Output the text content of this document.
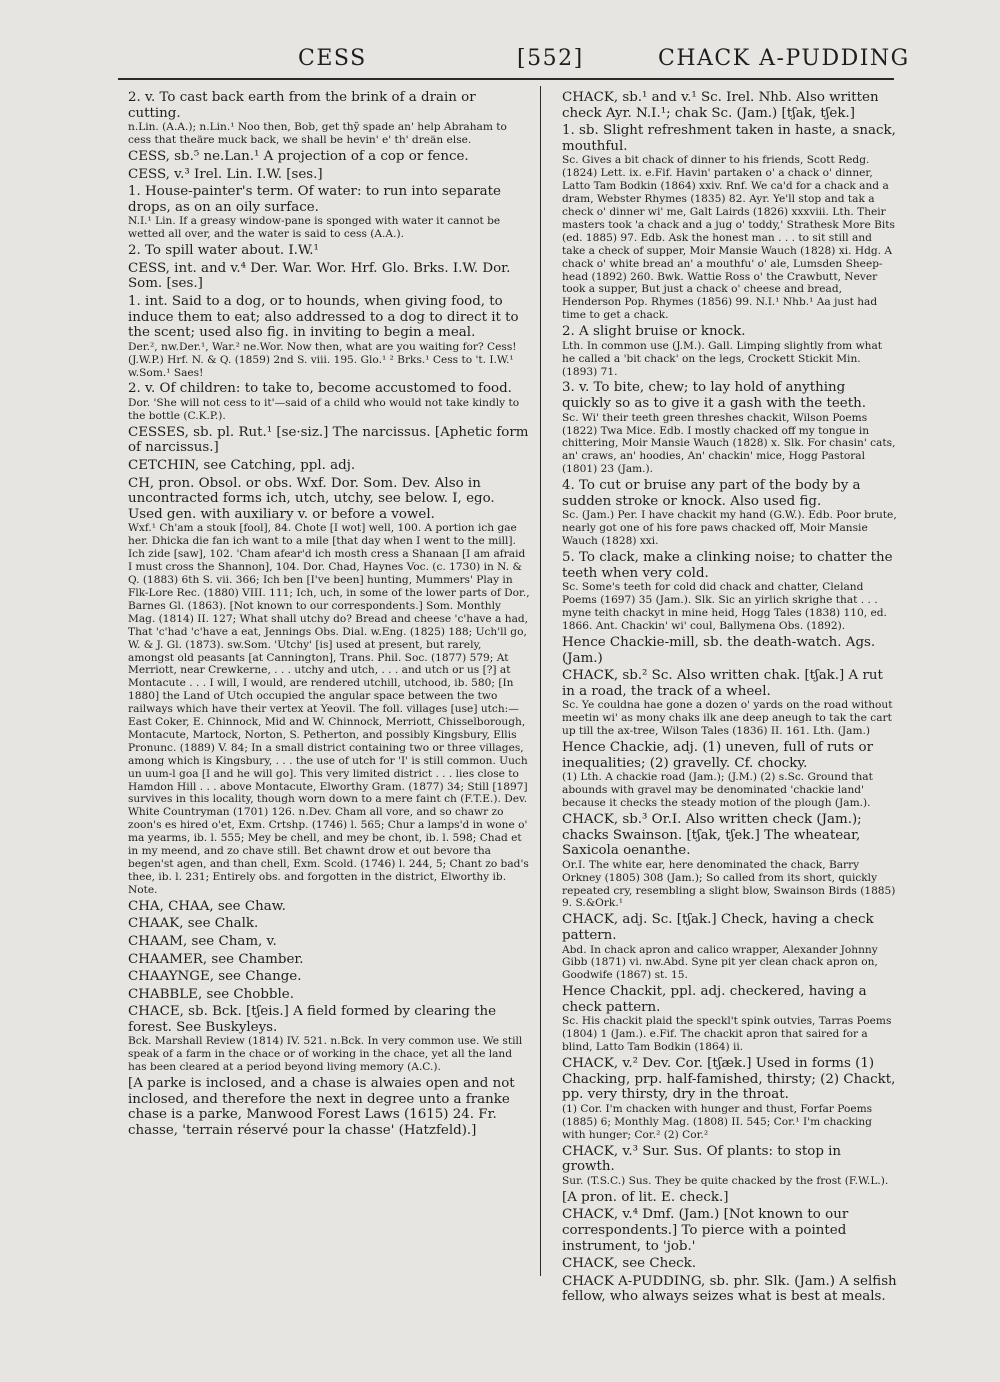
CESS	[552]	CHACK A-PUDDING

2. v. To cast back earth from the brink of a drain or cutting.

n.Lin. (A.A.); n.Lin.¹ Noo then, Bob, get thy̆ spade an' help Abraham to cess that theäre muck back, we shall be hevin' e' th' dreän else.

CESS, sb.⁵ ne.Lan.¹ A projection of a cop or fence.

CESS, v.³ Irel. Lin. I.W. [ses.]

1. House-painter's term. Of water: to run into separate drops, as on an oily surface.

N.I.¹ Lin. If a greasy window-pane is sponged with water it cannot be wetted all over, and the water is said to cess (A.A.).

2. To spill water about. I.W.¹

CESS, int. and v.⁴ Der. War. Wor. Hrf. Glo. Brks. I.W. Dor. Som. [ses.]

1. int. Said to a dog, or to hounds, when giving food, to induce them to eat; also addressed to a dog to direct it to the scent; used also fig. in inviting to begin a meal.

Der.², nw.Der.¹, War.² ne.Wor. Now then, what are you waiting for? Cess! (J.W.P.) Hrf. N. & Q. (1859) 2nd S. viii. 195. Glo.¹ ² Brks.¹ Cess to 't. I.W.¹ w.Som.¹ Saes!

2. v. Of children: to take to, become accustomed to food.

Dor. 'She will not cess to it'—said of a child who would not take kindly to the bottle (C.K.P.).

CESSES, sb. pl. Rut.¹ [se·siz.] The narcissus. [Aphetic form of narcissus.]

CETCHIN, see Catching, ppl. adj.

CH, pron. Obsol. or obs. Wxf. Dor. Som. Dev. Also in uncontracted forms ich, utch, utchy, see below. I, ego. Used gen. with auxiliary v. or before a vowel.

Wxf.¹ Ch'am a stouk [fool], 84. Chote [I wot] well, 100. A portion ich gae her. Dhicka die fan ich want to a mile [that day when I went to the mill]. Ich zide [saw], 102. 'Cham afear'd ich mosth cress a Shanaan [I am afraid I must cross the Shannon], 104. Dor. Chad, Haynes Voc. (c. 1730) in N. & Q. (1883) 6th S. vii. 366; Ich ben [I've been] hunting, Mummers' Play in Flk-Lore Rec. (1880) VIII. 111; Ich, uch, in some of the lower parts of Dor., Barnes Gl. (1863). [Not known to our correspondents.] Som. Monthly Mag. (1814) II. 127; What shall utchy do? Bread and cheese 'c'have a had, That 'c'had 'c'have a eat, Jennings Obs. Dial. w.Eng. (1825) 188; Uch'll go, W. & J. Gl. (1873). sw.Som. 'Utchy' [is] used at present, but rarely, amongst old peasants [at Cannington], Trans. Phil. Soc. (1877) 579; At Merriott, near Crewkerne, . . . utchy and utch, . . . and utch or us [?] at Montacute . . . I will, I would, are rendered utchill, utchood, ib. 580; [In 1880] the Land of Utch occupied the angular space between the two railways which have their vertex at Yeovil. The foll. villages [use] utch:— East Coker, E. Chinnock, Mid and W. Chinnock, Merriott, Chisselborough, Montacute, Martock, Norton, S. Petherton, and possibly Kingsbury, Ellis Pronunc. (1889) V. 84; In a small district containing two or three villages, among which is Kingsbury, . . . the use of utch for 'I' is still common. Uuch un uum-l goa [I and he will go]. This very limited district . . . lies close to Hamdon Hill . . . above Montacute, Elworthy Gram. (1877) 34; Still [1897] survives in this locality, though worn down to a mere faint ch (F.T.E.). Dev. White Countryman (1701) 126. n.Dev. Cham all vore, and so chawr zo zoon's es hired o'et, Exm. Crtshp. (1746) l. 565; Chur a lamps'd in wone o' ma yearms, ib. l. 555; Mey be chell, and mey be chont, ib. l. 598; Chad et in my meend, and zo chave still. Bet chawnt drow et out bevore tha begen'st agen, and than chell, Exm. Scold. (1746) l. 244, 5; Chant zo bad's thee, ib. l. 231; Entirely obs. and forgotten in the district, Elworthy ib. Note.

CHA, CHAA, see Chaw.

CHAAK, see Chalk.

CHAAM, see Cham, v.

CHAAMER, see Chamber.

CHAAYNGE, see Change.

CHABBLE, see Chobble.

CHACE, sb. Bck. [tʃeis.] A field formed by clearing the forest. See Buskyleys.

Bck. Marshall Review (1814) IV. 521. n.Bck. In very common use. We still speak of a farm in the chace or of working in the chace, yet all the land has been cleared at a period beyond living memory (A.C.).

[A parke is inclosed, and a chase is alwaies open and not inclosed, and therefore the next in degree unto a franke chase is a parke, Manwood Forest Laws (1615) 24. Fr. chasse, 'terrain réservé pour la chasse' (Hatzfeld).]

CHACK, sb.¹ and v.¹ Sc. Irel. Nhb. Also written check Ayr. N.I.¹; chak Sc. (Jam.) [tʃak, tʃek.]

1. sb. Slight refreshment taken in haste, a snack, mouthful.

Sc. Gives a bit chack of dinner to his friends, Scott Redg. (1824) Lett. ix. e.Fif. Havin' partaken o' a chack o' dinner, Latto Tam Bodkin (1864) xxiv. Rnf. We ca'd for a chack and a dram, Webster Rhymes (1835) 82. Ayr. Ye'll stop and tak a check o' dinner wi' me, Galt Lairds (1826) xxxviii. Lth. Their masters took 'a chack and a jug o' toddy,' Strathesk More Bits (ed. 1885) 97. Edb. Ask the honest man . . . to sit still and take a check of supper, Moir Mansie Wauch (1828) xi. Hdg. A chack o' white bread an' a mouthfu' o' ale, Lumsden Sheep-head (1892) 260. Bwk. Wattie Ross o' the Crawbutt, Never took a supper, But just a chack o' cheese and bread, Henderson Pop. Rhymes (1856) 99. N.I.¹ Nhb.¹ Aa just had time to get a chack.

2. A slight bruise or knock.

Lth. In common use (J.M.). Gall. Limping slightly from what he called a 'bit chack' on the legs, Crockett Stickit Min. (1893) 71.

3. v. To bite, chew; to lay hold of anything quickly so as to give it a gash with the teeth.

Sc. Wi' their teeth green threshes chackit, Wilson Poems (1822) Twa Mice. Edb. I mostly chacked off my tongue in chittering, Moir Mansie Wauch (1828) x. Slk. For chasin' cats, an' craws, an' hoodies, An' chackin' mice, Hogg Pastoral (1801) 23 (Jam.).

4. To cut or bruise any part of the body by a sudden stroke or knock. Also used fig.

Sc. (Jam.) Per. I have chackit my hand (G.W.). Edb. Poor brute, nearly got one of his fore paws chacked off, Moir Mansie Wauch (1828) xxi.

5. To clack, make a clinking noise; to chatter the teeth when very cold.

Sc. Some's teeth for cold did chack and chatter, Cleland Poems (1697) 35 (Jam.). Slk. Sic an yirlich skrighe that . . . myne teith chackyt in mine heid, Hogg Tales (1838) 110, ed. 1866. Ant. Chackin' wi' coul, Ballymena Obs. (1892).

Hence Chackie-mill, sb. the death-watch. Ags. (Jam.)

CHACK, sb.² Sc. Also written chak. [tʃak.] A rut in a road, the track of a wheel.

Sc. Ye couldna hae gone a dozen o' yards on the road without meetin wi' as mony chaks ilk ane deep aneugh to tak the cart up till the ax-tree, Wilson Tales (1836) II. 161. Lth. (Jam.)

Hence Chackie, adj. (1) uneven, full of ruts or inequalities; (2) gravelly. Cf. chocky.

(1) Lth. A chackie road (Jam.); (J.M.) (2) s.Sc. Ground that abounds with gravel may be denominated 'chackie land' because it checks the steady motion of the plough (Jam.).

CHACK, sb.³ Or.I. Also written check (Jam.); chacks Swainson. [tʃak, tʃek.] The wheatear, Saxicola oenanthe.

Or.I. The white ear, here denominated the chack, Barry Orkney (1805) 308 (Jam.); So called from its short, quickly repeated cry, resembling a slight blow, Swainson Birds (1885) 9. S.&Ork.¹

CHACK, adj. Sc. [tʃak.] Check, having a check pattern.

Abd. In chack apron and calico wrapper, Alexander Johnny Gibb (1871) vi. nw.Abd. Syne pit yer clean chack apron on, Goodwife (1867) st. 15.

Hence Chackit, ppl. adj. checkered, having a check pattern.

Sc. His chackit plaid the speckl't spink outvies, Tarras Poems (1804) 1 (Jam.). e.Fif. The chackit apron that saired for a blind, Latto Tam Bodkin (1864) ii.

CHACK, v.² Dev. Cor. [tʃæk.] Used in forms (1) Chacking, prp. half-famished, thirsty; (2) Chackt, pp. very thirsty, dry in the throat.

(1) Cor. I'm chacken with hunger and thust, Forfar Poems (1885) 6; Monthly Mag. (1808) II. 545; Cor.¹ I'm chacking with hunger; Cor.² (2) Cor.²

CHACK, v.³ Sur. Sus. Of plants: to stop in growth.

Sur. (T.S.C.) Sus. They be quite chacked by the frost (F.W.L.).

[A pron. of lit. E. check.]

CHACK, v.⁴ Dmf. (Jam.) [Not known to our correspondents.] To pierce with a pointed instrument, to 'job.'

CHACK, see Check.

CHACK A-PUDDING, sb. phr. Slk. (Jam.) A selfish fellow, who always seizes what is best at meals.
